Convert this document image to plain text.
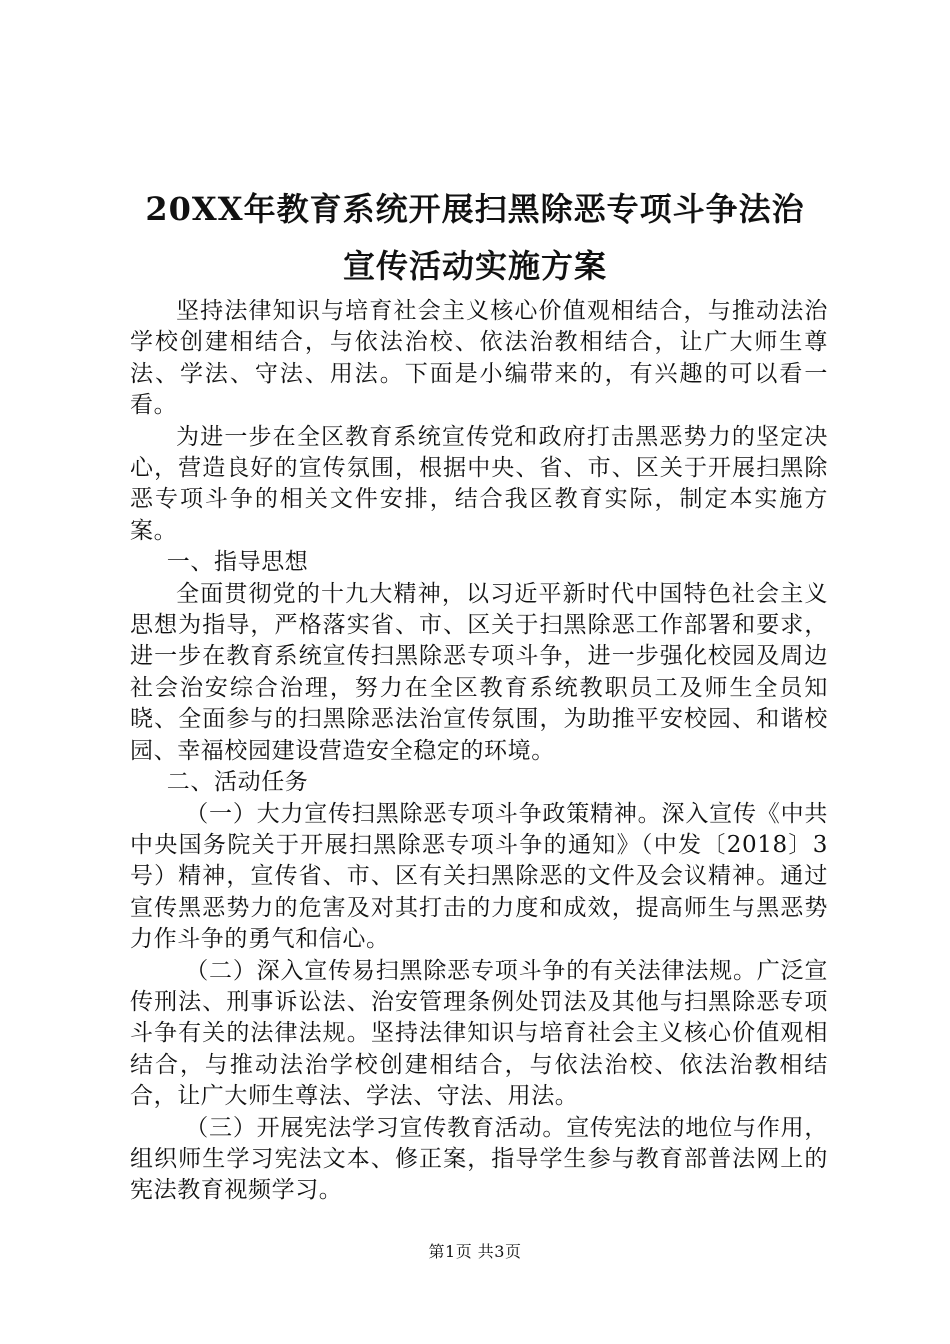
20XX年教育系统开展扫黑除恶专项斗争法治
宣传活动实施方案

坚持法律知识与培育社会主义核心价值观相结合，与推动法治学校创建相结合，与依法治校、依法治教相结合，让广大师生尊法、学法、守法、用法。下面是小编带来的，有兴趣的可以看一看。

为进一步在全区教育系统宣传党和政府打击黑恶势力的坚定决心，营造良好的宣传氛围，根据中央、省、市、区关于开展扫黑除恶专项斗争的相关文件安排，结合我区教育实际，制定本实施方案。

一、指导思想

全面贯彻党的十九大精神，以习近平新时代中国特色社会主义思想为指导，严格落实省、市、区关于扫黑除恶工作部署和要求，进一步在教育系统宣传扫黑除恶专项斗争，进一步强化校园及周边社会治安综合治理，努力在全区教育系统教职员工及师生全员知晓、全面参与的扫黑除恶法治宣传氛围，为助推平安校园、和谐校园、幸福校园建设营造安全稳定的环境。

二、活动任务

（一）大力宣传扫黑除恶专项斗争政策精神。深入宣传《中共中央国务院关于开展扫黑除恶专项斗争的通知》（中发〔2018〕3号）精神，宣传省、市、区有关扫黑除恶的文件及会议精神。通过宣传黑恶势力的危害及对其打击的力度和成效，提高师生与黑恶势力作斗争的勇气和信心。

（二）深入宣传易扫黑除恶专项斗争的有关法律法规。广泛宣传刑法、刑事诉讼法、治安管理条例处罚法及其他与扫黑除恶专项斗争有关的法律法规。坚持法律知识与培育社会主义核心价值观相结合，与推动法治学校创建相结合，与依法治校、依法治教相结合，让广大师生尊法、学法、守法、用法。

（三）开展宪法学习宣传教育活动。宣传宪法的地位与作用，组织师生学习宪法文本、修正案，指导学生参与教育部普法网上的宪法教育视频学习。

第1页 共3页
